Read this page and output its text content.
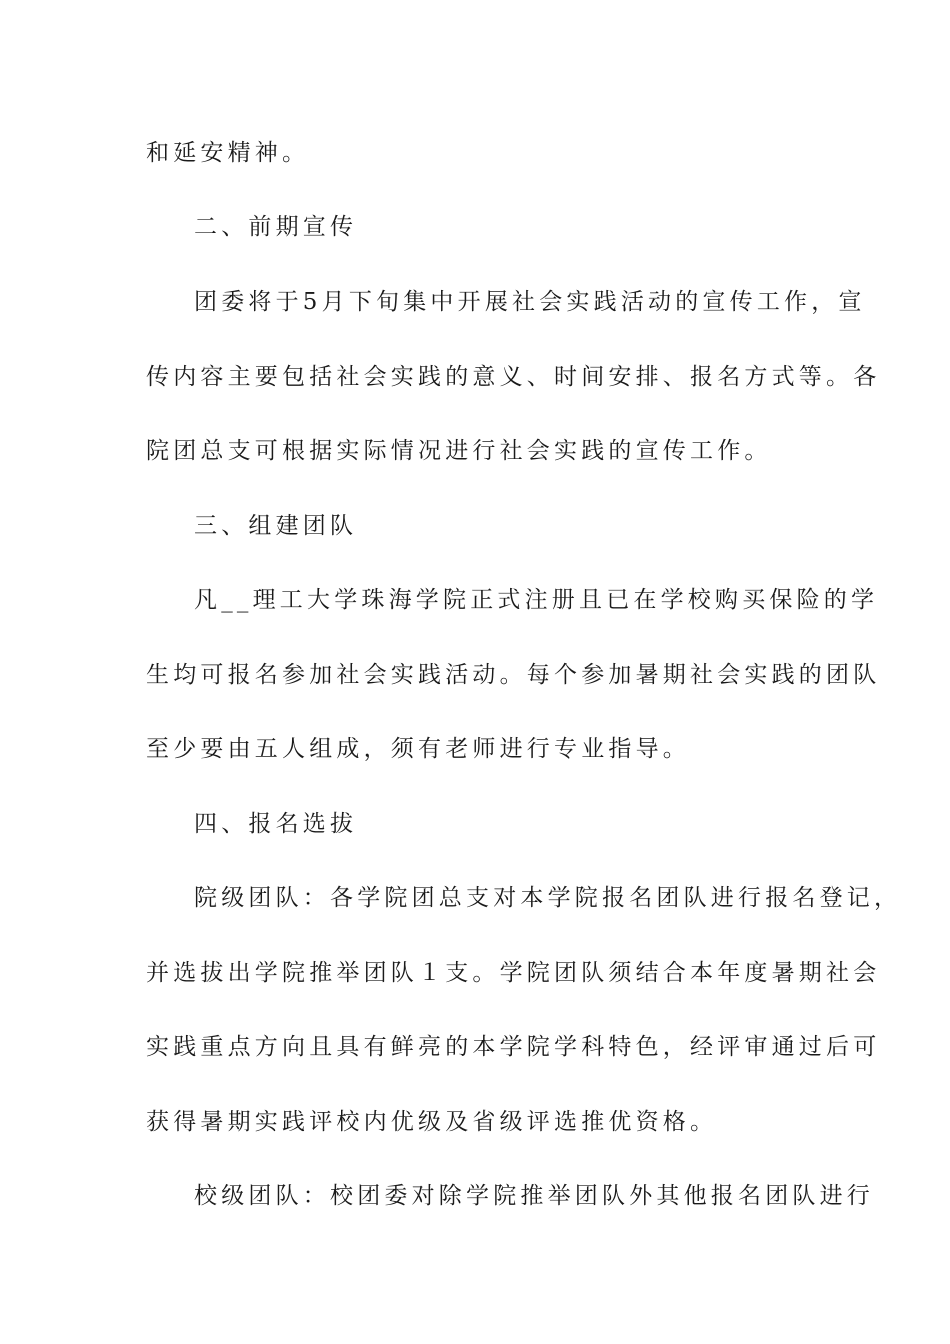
和延安精神。
二、前期宣传
团委将于5月下旬集中开展社会实践活动的宣传工作，宣
传内容主要包括社会实践的意义、时间安排、报名方式等。各
院团总支可根据实际情况进行社会实践的宣传工作。
三、组建团队
凡__理工大学珠海学院正式注册且已在学校购买保险的学
生均可报名参加社会实践活动。每个参加暑期社会实践的团队
至少要由五人组成，须有老师进行专业指导。
四、报名选拔
院级团队：各学院团总支对本学院报名团队进行报名登记，
并选拔出学院推举团队１支。学院团队须结合本年度暑期社会
实践重点方向且具有鲜亮的本学院学科特色，经评审通过后可
获得暑期实践评校内优级及省级评选推优资格。
校级团队：校团委对除学院推举团队外其他报名团队进行
